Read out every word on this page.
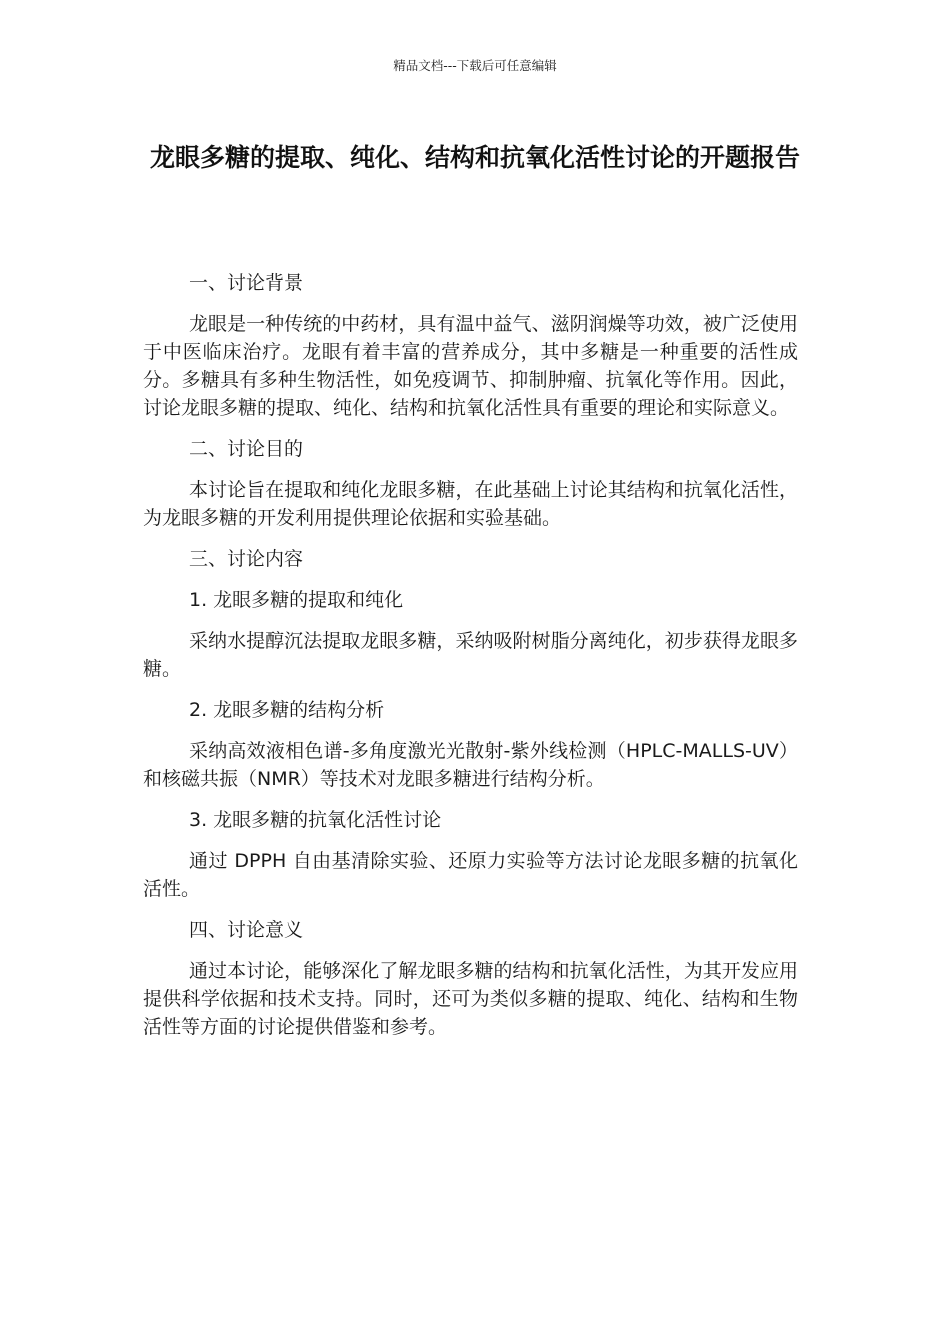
精品文档---下载后可任意编辑
龙眼多糖的提取、纯化、结构和抗氧化活性讨论的开题报告

一、讨论背景

龙眼是一种传统的中药材，具有温中益气、滋阴润燥等功效，被广泛使用于中医临床治疗。龙眼有着丰富的营养成分，其中多糖是一种重要的活性成分。多糖具有多种生物活性，如免疫调节、抑制肿瘤、抗氧化等作用。因此，讨论龙眼多糖的提取、纯化、结构和抗氧化活性具有重要的理论和实际意义。

二、讨论目的

本讨论旨在提取和纯化龙眼多糖，在此基础上讨论其结构和抗氧化活性，为龙眼多糖的开发利用提供理论依据和实验基础。

三、讨论内容

1. 龙眼多糖的提取和纯化

采纳水提醇沉法提取龙眼多糖，采纳吸附树脂分离纯化，初步获得龙眼多糖。

2. 龙眼多糖的结构分析

采纳高效液相色谱-多角度激光光散射-紫外线检测（HPLC-MALLS-UV）和核磁共振（NMR）等技术对龙眼多糖进行结构分析。

3. 龙眼多糖的抗氧化活性讨论

通过 DPPH 自由基清除实验、还原力实验等方法讨论龙眼多糖的抗氧化活性。

四、讨论意义

通过本讨论，能够深化了解龙眼多糖的结构和抗氧化活性，为其开发应用提供科学依据和技术支持。同时，还可为类似多糖的提取、纯化、结构和生物活性等方面的讨论提供借鉴和参考。
